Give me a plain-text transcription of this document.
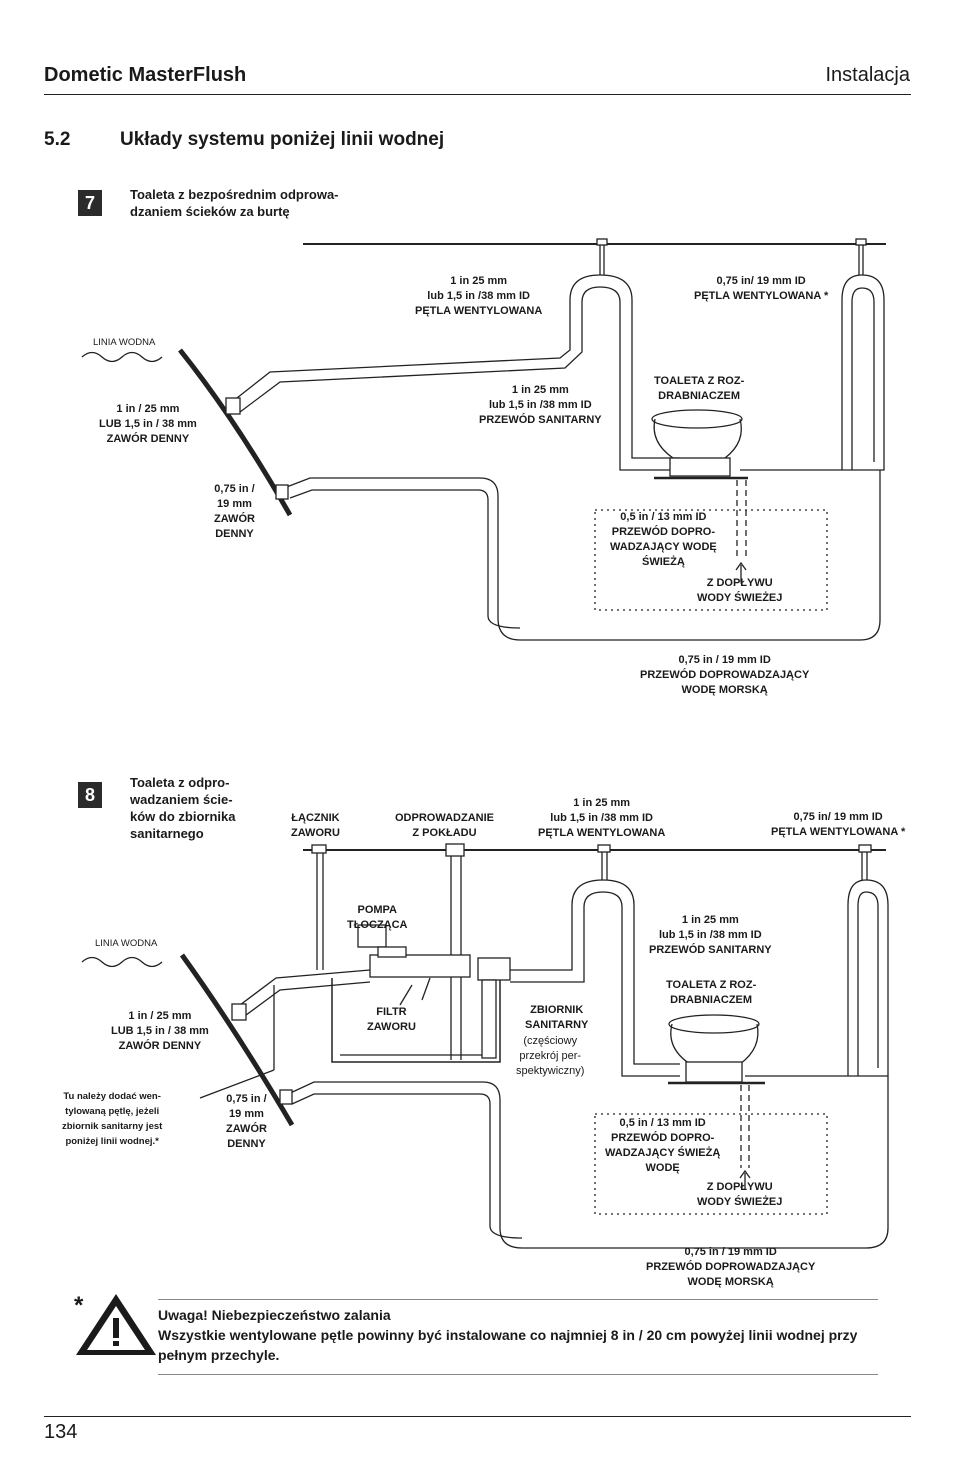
Dometic MasterFlush	Instalacja
5.2	Układy systemu poniżej linii wodnej
7	Toaleta z bezpośrednim odprowa-
dzaniem ścieków za burtę
LINIA WODNA
1 in 25 mm
lub 1,5 in /38 mm ID
PĘTLA WENTYLOWANA
0,75 in/ 19 mm ID
PĘTLA WENTYLOWANA *
1 in / 25 mm
LUB 1,5 in / 38 mm
ZAWÓR DENNY
1 in 25 mm
lub 1,5 in /38 mm ID
PRZEWÓD SANITARNY
TOALETA Z ROZ-
DRABNIACZEM
0,75 in /
19 mm
ZAWÓR
DENNY
0,5 in / 13 mm ID
PRZEWÓD DOPRO-
WADZAJĄCY WODĘ
ŚWIEŻĄ
Z DOPŁYWU
WODY ŚWIEŻEJ
0,75 in / 19 mm ID
PRZEWÓD DOPROWADZAJĄCY
WODĘ MORSKĄ
8
Toaleta z odpro-
wadzaniem ście-
ków do zbiornika
sanitarnego
ŁĄCZNIK
ZAWORU
ODPROWADZANIE
Z POKŁADU
1 in 25 mm
lub 1,5 in /38 mm ID
PĘTLA WENTYLOWANA
0,75 in/ 19 mm ID
PĘTLA WENTYLOWANA *
POMPA
TŁOCZĄCA
LINIA WODNA
1 in 25 mm
lub 1,5 in /38 mm ID
PRZEWÓD SANITARNY
TOALETA Z ROZ-
DRABNIACZEM
FILTR
ZAWORU
ZBIORNIK
SANITARNY
(częściowy
przekrój per-
spektywiczny)
1 in / 25 mm
LUB 1,5 in / 38 mm
ZAWÓR DENNY
Tu należy dodać wen-
tylowaną pętlę, jeżeli
zbiornik sanitarny jest
poniżej linii wodnej.*
0,75 in /
19 mm
ZAWÓR
DENNY
0,5 in / 13 mm ID
PRZEWÓD DOPRO-
WADZAJĄCY ŚWIEŻĄ
WODĘ
Z DOPŁYWU
WODY ŚWIEŻEJ
0,75 in / 19 mm ID
PRZEWÓD DOPROWADZAJĄCY
WODĘ MORSKĄ
*	Uwaga! Niebezpieczeństwo zalania
Wszystkie wentylowane pętle powinny być instalowane co najmniej 8 in / 20 cm powyżej linii wodnej przy pełnym przechyle.
134
